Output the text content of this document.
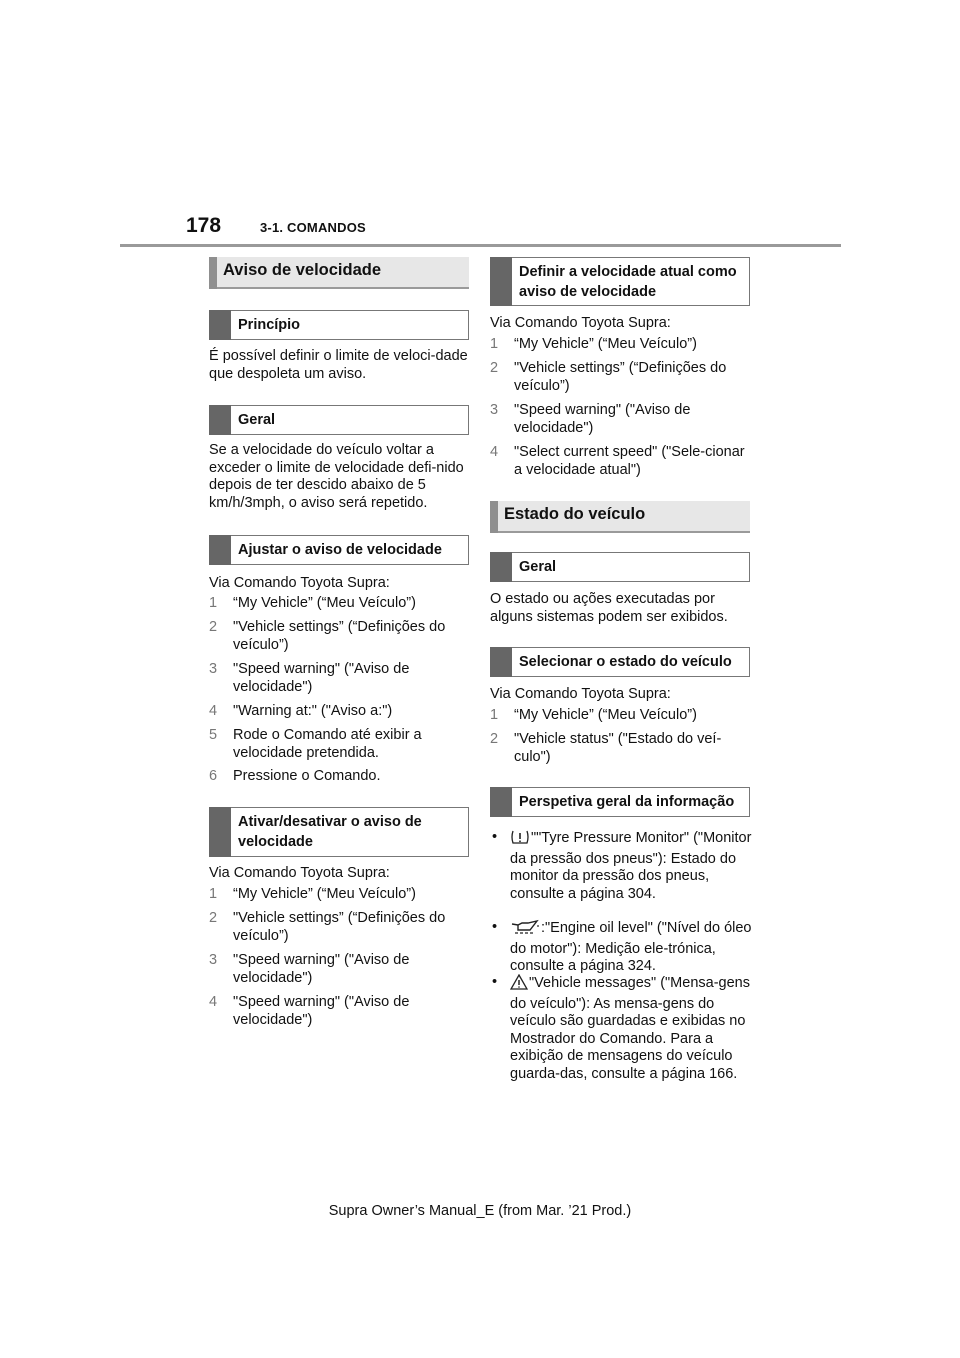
178	3-1. COMANDOS
Aviso de velocidade
Princípio
É possível definir o limite de veloci-dade que despoleta um aviso.
Geral
Se a velocidade do veículo voltar a exceder o limite de velocidade defi-nido depois de ter descido abaixo de 5 km/h/3mph, o aviso será repetido.
Ajustar o aviso de velocidade
Via Comando Toyota Supra:
1 “My Vehicle” (“Meu Veículo”)
2 "Vehicle settings” (“Definições do veículo”)
3 "Speed warning" ("Aviso de velocidade")
4 "Warning at:" ("Aviso a:")
5 Rode o Comando até exibir a velocidade pretendida.
6 Pressione o Comando.
Ativar/desativar o aviso de velocidade
Via Comando Toyota Supra:
1 “My Vehicle” (“Meu Veículo”)
2 "Vehicle settings” (“Definições do veículo”)
3 "Speed warning" ("Aviso de velocidade")
4 "Speed warning" ("Aviso de velocidade")
Definir a velocidade atual como aviso de velocidade
Via Comando Toyota Supra:
1 “My Vehicle” (“Meu Veículo”)
2 "Vehicle settings” (“Definições do veículo”)
3 "Speed warning" ("Aviso de velocidade")
4 "Select current speed" ("Sele-cionar a velocidade atual")
Estado do veículo
Geral
O estado ou ações executadas por alguns sistemas podem ser exibidos.
Selecionar o estado do veículo
Via Comando Toyota Supra:
1 “My Vehicle” (“Meu Veículo”)
2 "Vehicle status" ("Estado do veí-culo")
Perspetiva geral da informação
• ""Tyre Pressure Monitor" ("Monitor da pressão dos pneus"): Estado do monitor da pressão dos pneus, consulte a página 304.
•	:"Engine oil level" ("Nível do óleo do motor"): Medição ele-trónica, consulte a página 324.
• "Vehicle messages" ("Mensa-gens do veículo"): As mensa-gens do veículo são guardadas e exibidas no Mostrador do Comando. Para a exibição de mensagens do veículo guarda-das, consulte a página 166.
Supra Owner’s Manual_E (from Mar. ’21 Prod.)
